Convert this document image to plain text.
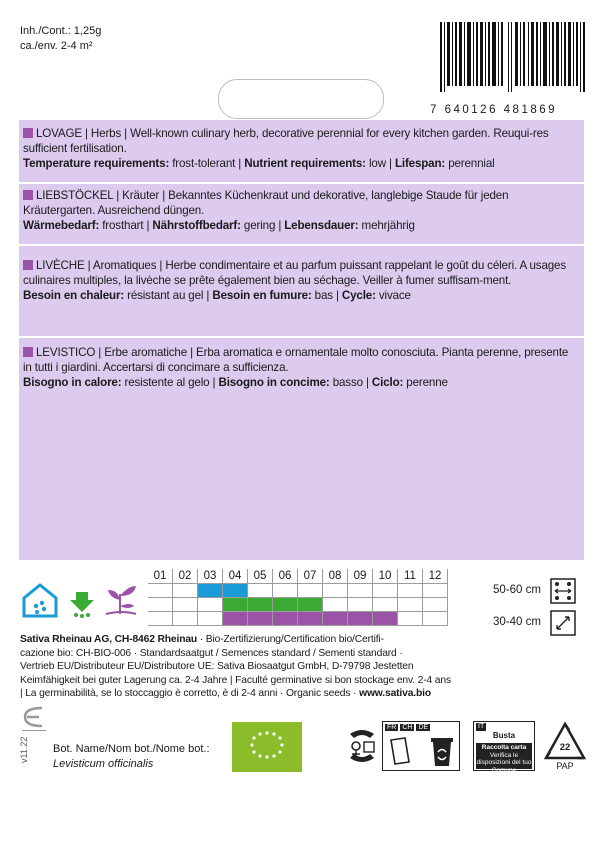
Inh./Cont.: 1,25g
ca./env. 2-4 m²
7 640126 481869
LOVAGE | Herbs | Well-known culinary herb, decorative perennial for every kitchen garden. Reuqui-res sufficient fertilisation.
Temperature requirements: frost-tolerant | Nutrient requirements: low | Lifespan: perennial
LIEBSTÖCKEL | Kräuter | Bekanntes Küchenkraut und dekorative, langlebige Staude für jeden Kräutergarten. Ausreichend düngen.
Wärmebedarf: frosthart | Nährstoffbedarf: gering | Lebensdauer: mehrjährig
LIVÈCHE | Aromatiques | Herbe condimentaire et au parfum puissant rappelant le goût du céleri. A usages culinaires multiples, la livèche se prête également bien au séchage. Veiller à fumer suffisam-ment.
Besoin en chaleur: résistant au gel | Besoin en fumure: bas | Cycle: vivace
LEVISTICO | Erbe aromatiche | Erba aromatica e ornamentale molto conosciuta. Pianta perenne, presente in tutti i giardini. Accertarsi di concimare a sufficienza.
Bisogno in calore: resistente al gelo | Bisogno in concime: basso | Ciclo: perenne
01	02	03	04	05	06	07	08	09	10	11	12
50-60 cm
30-40 cm
Sativa Rheinau AG, CH-8462 Rheinau · Bio-Zertifizierung/Certification bio/Certifi-
cazione bio: CH-BIO-006 · Standardsaatgut / Semences standard / Sementi standard ·
Vertrieb EU/Distributeur EU/Distributore UE: Sativa Biosaatgut GmbH, D-79798 Jestetten
Keimfähigkeit bei guter Lagerung ca. 2-4 Jahre | Faculté germinative si bon stockage env. 2-4 ans
| La germinabilità, se lo stoccaggio è corretto, è di 2-4 anni · Organic seeds · www.sativa.bio
v11.22 Bot. Name/Nom bot./Nome bot.:
Levisticum officinalis
FR CH DE	IT
Busta
Raccolta carta
Verifica le disposizioni del tuo Comune
22
PAP
